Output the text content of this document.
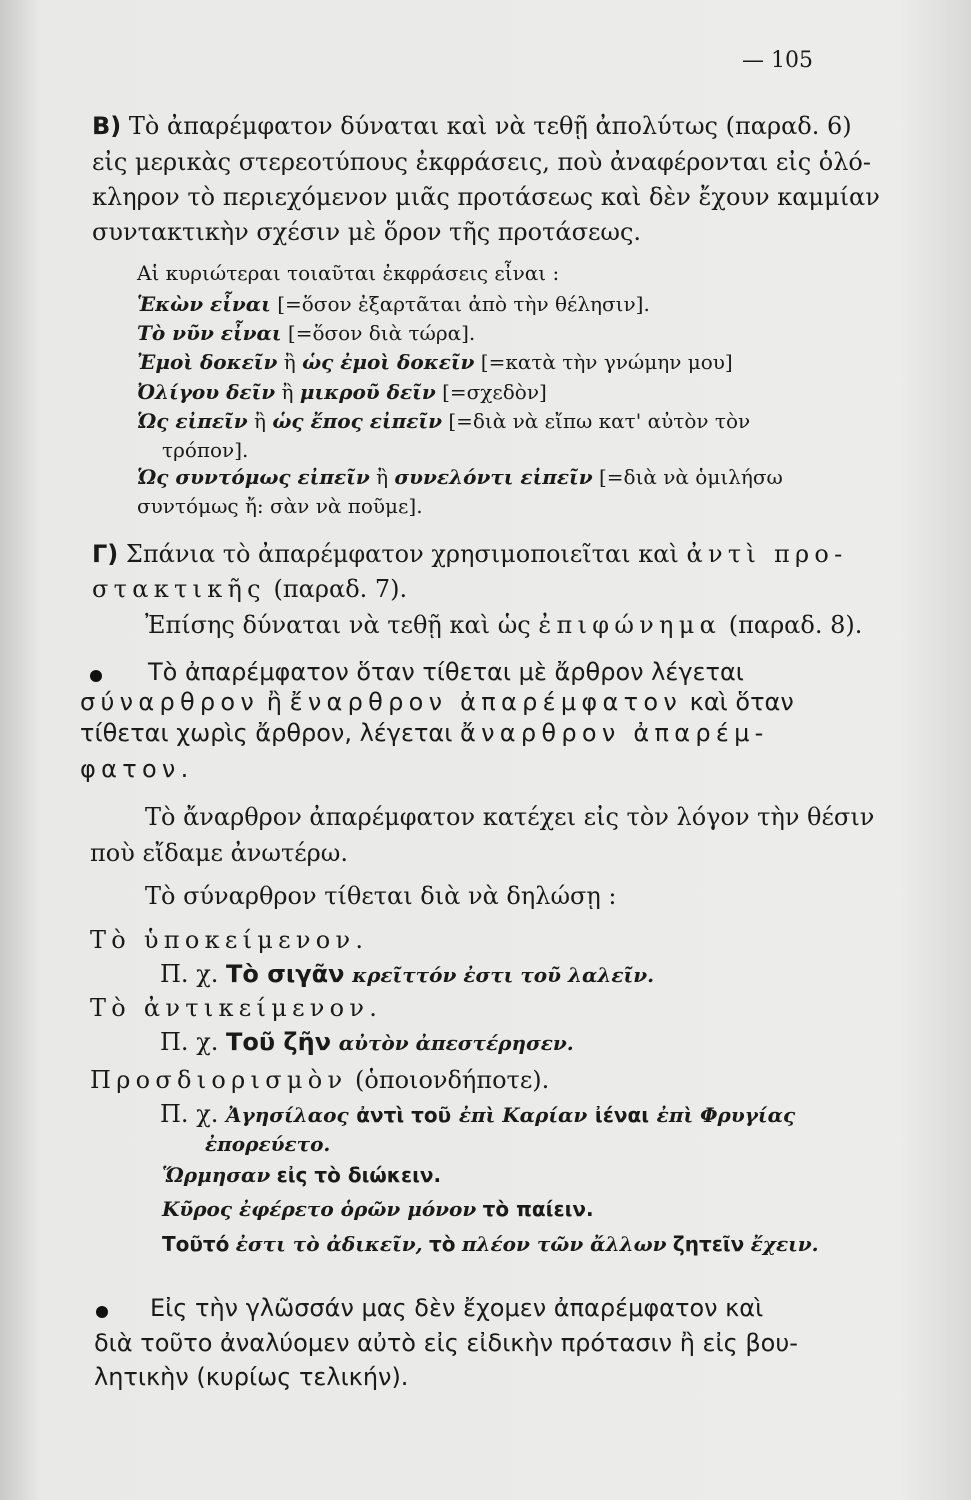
— 105
Β) Τὸ ἀπαρέμφατον δύναται καὶ νὰ τεθῇ ἀπολύτως (παραδ. 6)
εἰς μερικὰς στερεοτύπους ἐκφράσεις, ποὺ ἀναφέρονται εἰς ὁλό-
κληρον τὸ περιεχόμενον μιᾶς προτάσεως καὶ δὲν ἔχουν καμμίαν
συντακτικὴν σχέσιν μὲ ὅρον τῆς προτάσεως.
Αἱ κυριώτεραι τοιαῦται ἐκφράσεις εἶναι :
Ἑκὼν εἶναι [=ὅσον ἐξαρτᾶται ἀπὸ τὴν θέλησιν].
Τὸ νῦν εἶναι [=ὅσον διὰ τώρα].
Ἐμοὶ δοκεῖν ἢ ὡς ἐμοὶ δοκεῖν [=κατὰ τὴν γνώμην μου]
Ὀλίγου δεῖν ἢ μικροῦ δεῖν [=σχεδὸν]
Ὡς εἰπεῖν ἢ ὡς ἔπος εἰπεῖν [=διὰ νὰ εἴπω κατ' αὐτὸν τὸν
τρόπον].
Ὡς συντόμως εἰπεῖν ἢ συνελόντι εἰπεῖν [=διὰ νὰ ὁμιλήσω
συντόμως ἤ: σὰν νὰ ποῦμε].
Γ) Σπάνια τὸ ἀπαρέμφατον χρησιμοποιεῖται καὶ ἀντὶ προ-
στακτικῆς (παραδ. 7).
Ἐπίσης δύναται νὰ τεθῇ καὶ ὡς ἐπιφώνημα (παραδ. 8).
Τὸ ἀπαρέμφατον ὅταν τίθεται μὲ ἄρθρον λέγεται
σύναρθρον ἢ ἔναρθρον ἀπαρέμφατον καὶ ὅταν
τίθεται χωρὶς ἄρθρον, λέγεται ἄναρθρον ἀπαρέμ-
φατον.
Τὸ ἄναρθρον ἀπαρέμφατον κατέχει εἰς τὸν λόγον τὴν θέσιν
ποὺ εἴδαμε ἀνωτέρω.
Τὸ σύναρθρον τίθεται διὰ νὰ δηλώσῃ :
Τὸ ὑποκείμενον.
Π. χ. Τὸ σιγᾶν κρεῖττόν ἐστι τοῦ λαλεῖν.
Τὸ ἀντικείμενον.
Π. χ. Τοῦ ζῆν αὐτὸν ἀπεστέρησεν.
Προσδιορισμὸν (ὁποιονδήποτε).
Π. χ. Ἀγησίλαος ἀντὶ τοῦ ἐπὶ Καρίαν ἰέναι ἐπὶ Φρυγίας
ἐπορεύετο.
Ὥρμησαν εἰς τὸ διώκειν.
Κῦρος ἐφέρετο ὁρῶν μόνον τὸ παίειν.
Τοῦτό ἐστι τὸ ἀδικεῖν, τὸ πλέον τῶν ἄλλων ζητεῖν ἔχειν.
Εἰς τὴν γλῶσσάν μας δὲν ἔχομεν ἀπαρέμφατον καὶ
διὰ τοῦτο ἀναλύομεν αὐτὸ εἰς εἰδικὴν πρότασιν ἢ εἰς βου-
λητικὴν (κυρίως τελικήν).
